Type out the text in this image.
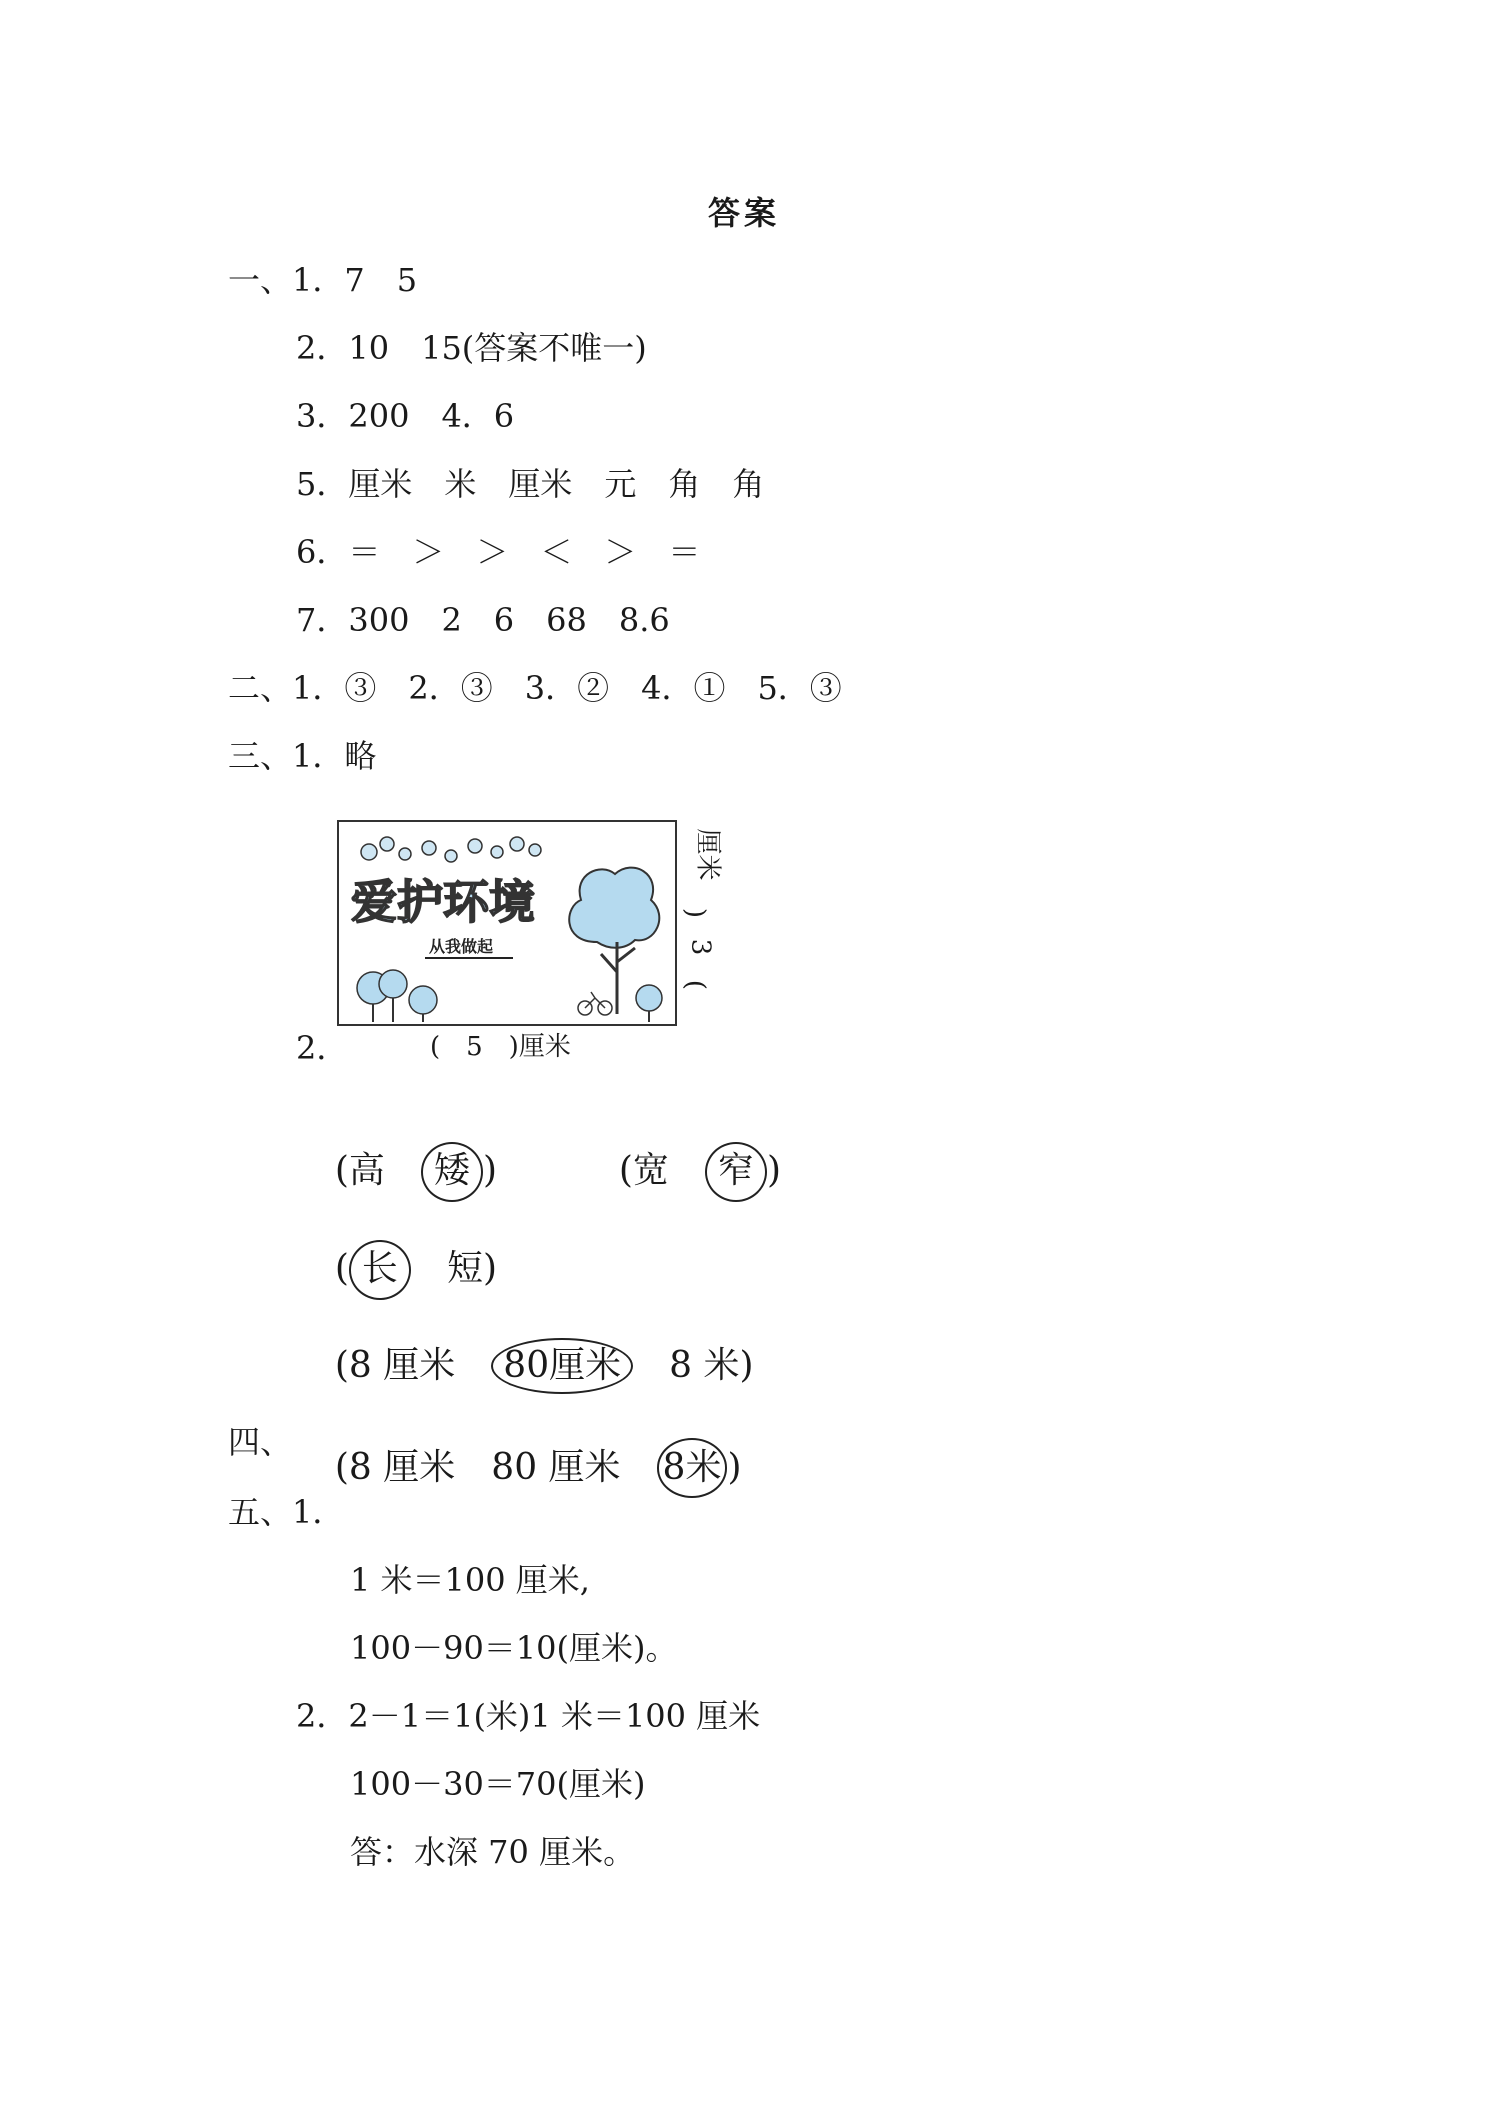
答案
一、1．7　5
2．10　15(答案不唯一)
3．200　4．6
5．厘米　米　厘米　元　角　角
6．＝　＞　＞　＜　＞　＝
7．300　2　6　68　8.6
二、1．③　2．③　3．②　4．①　5．③
三、1．略
爱护环境
从我做起
(
3
)
厘米
(　5　)厘米
2．

(高　矮 )	(宽　窄 )

( 长　短)

(8 厘米　80厘米　8 米)

(8 厘米　80 厘米　8米 )

四、
五、1．
1 米＝100 厘米,
100－90＝10(厘米)。
2．2－1＝1(米)1 米＝100 厘米
100－30＝70(厘米)
答：水深 70 厘米。
